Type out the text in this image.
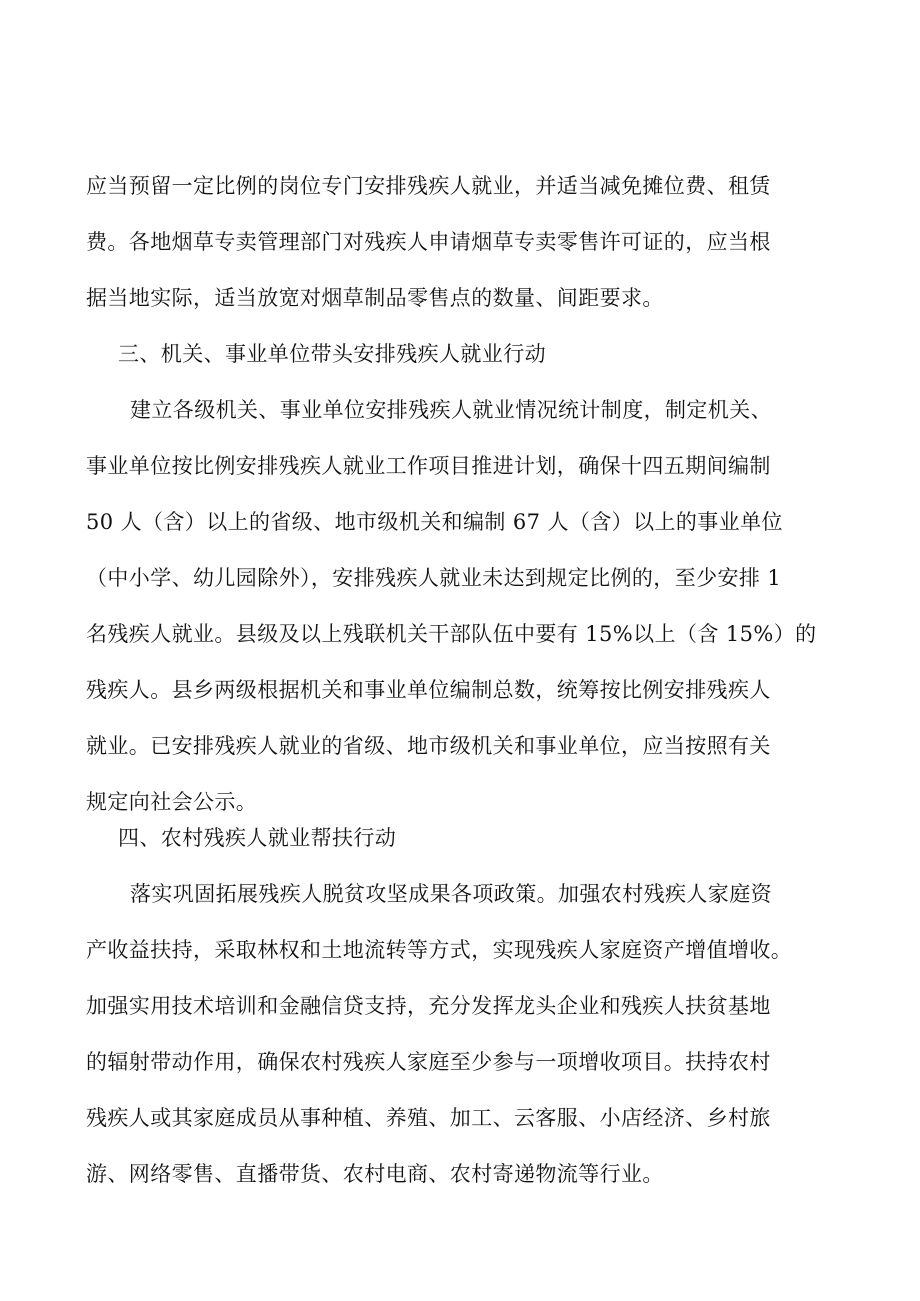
应当预留一定比例的岗位专门安排残疾人就业，并适当减免摊位费、租赁
费。各地烟草专卖管理部门对残疾人申请烟草专卖零售许可证的，应当根
据当地实际，适当放宽对烟草制品零售点的数量、间距要求。
三、机关、事业单位带头安排残疾人就业行动
建立各级机关、事业单位安排残疾人就业情况统计制度，制定机关、
事业单位按比例安排残疾人就业工作项目推进计划，确保十四五期间编制
50 人（含）以上的省级、地市级机关和编制 67 人（含）以上的事业单位
（中小学、幼儿园除外），安排残疾人就业未达到规定比例的，至少安排 1
名残疾人就业。县级及以上残联机关干部队伍中要有 15%以上（含 15%）的
残疾人。县乡两级根据机关和事业单位编制总数，统筹按比例安排残疾人
就业。已安排残疾人就业的省级、地市级机关和事业单位，应当按照有关
规定向社会公示。
四、农村残疾人就业帮扶行动
落实巩固拓展残疾人脱贫攻坚成果各项政策。加强农村残疾人家庭资
产收益扶持，采取林权和土地流转等方式，实现残疾人家庭资产增值增收。
加强实用技术培训和金融信贷支持，充分发挥龙头企业和残疾人扶贫基地
的辐射带动作用，确保农村残疾人家庭至少参与一项增收项目。扶持农村
残疾人或其家庭成员从事种植、养殖、加工、云客服、小店经济、乡村旅
游、网络零售、直播带货、农村电商、农村寄递物流等行业。
